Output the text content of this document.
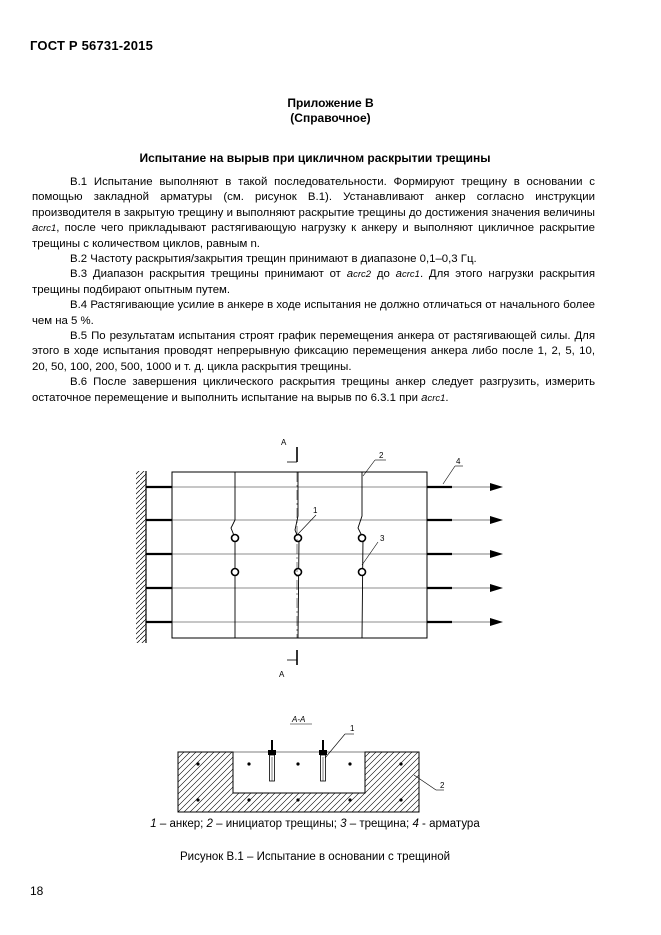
ГОСТ Р 56731-2015
Приложение В
(Справочное)
Испытание на вырыв при цикличном раскрытии трещины

В.1 Испытание выполняют в такой последовательности. Формируют трещину в основании с помощью закладной арматуры (см. рисунок В.1). Устанавливают анкер согласно инструкции производителя в закрытую трещину и выполняют раскрытие трещины до достижения значения величины acrc1, после чего прикладывают растягивающую нагрузку к анкеру и выполняют цикличное раскрытие трещины с количеством циклов, равным n.

В.2 Частоту раскрытия/закрытия трещин принимают в диапазоне 0,1–0,3 Гц.

В.3 Диапазон раскрытия трещины принимают от acrc2 до acrc1. Для этого нагрузки раскрытия трещины подбирают опытным путем.

В.4 Растягивающие усилие в анкере в ходе испытания не должно отличаться от начального более чем на 5 %.

В.5 По результатам испытания строят график перемещения анкера от растягивающей силы. Для этого в ходе испытания проводят непрерывную фиксацию перемещения анкера либо после 1, 2, 5, 10, 20, 50, 100, 200, 500, 1000 и т. д. цикла раскрытия трещины.

В.6 После завершения циклического раскрытия трещины анкер следует разгрузить, измерить остаточное перемещение и выполнить испытание на вырыв по 6.3.1 при acrc1.

А
А
1
2
3
4
А-А
1
2
1 – анкер; 2 – инициатор трещины; 3 – трещина; 4 - арматура
Рисунок В.1 – Испытание в основании с трещиной
18
